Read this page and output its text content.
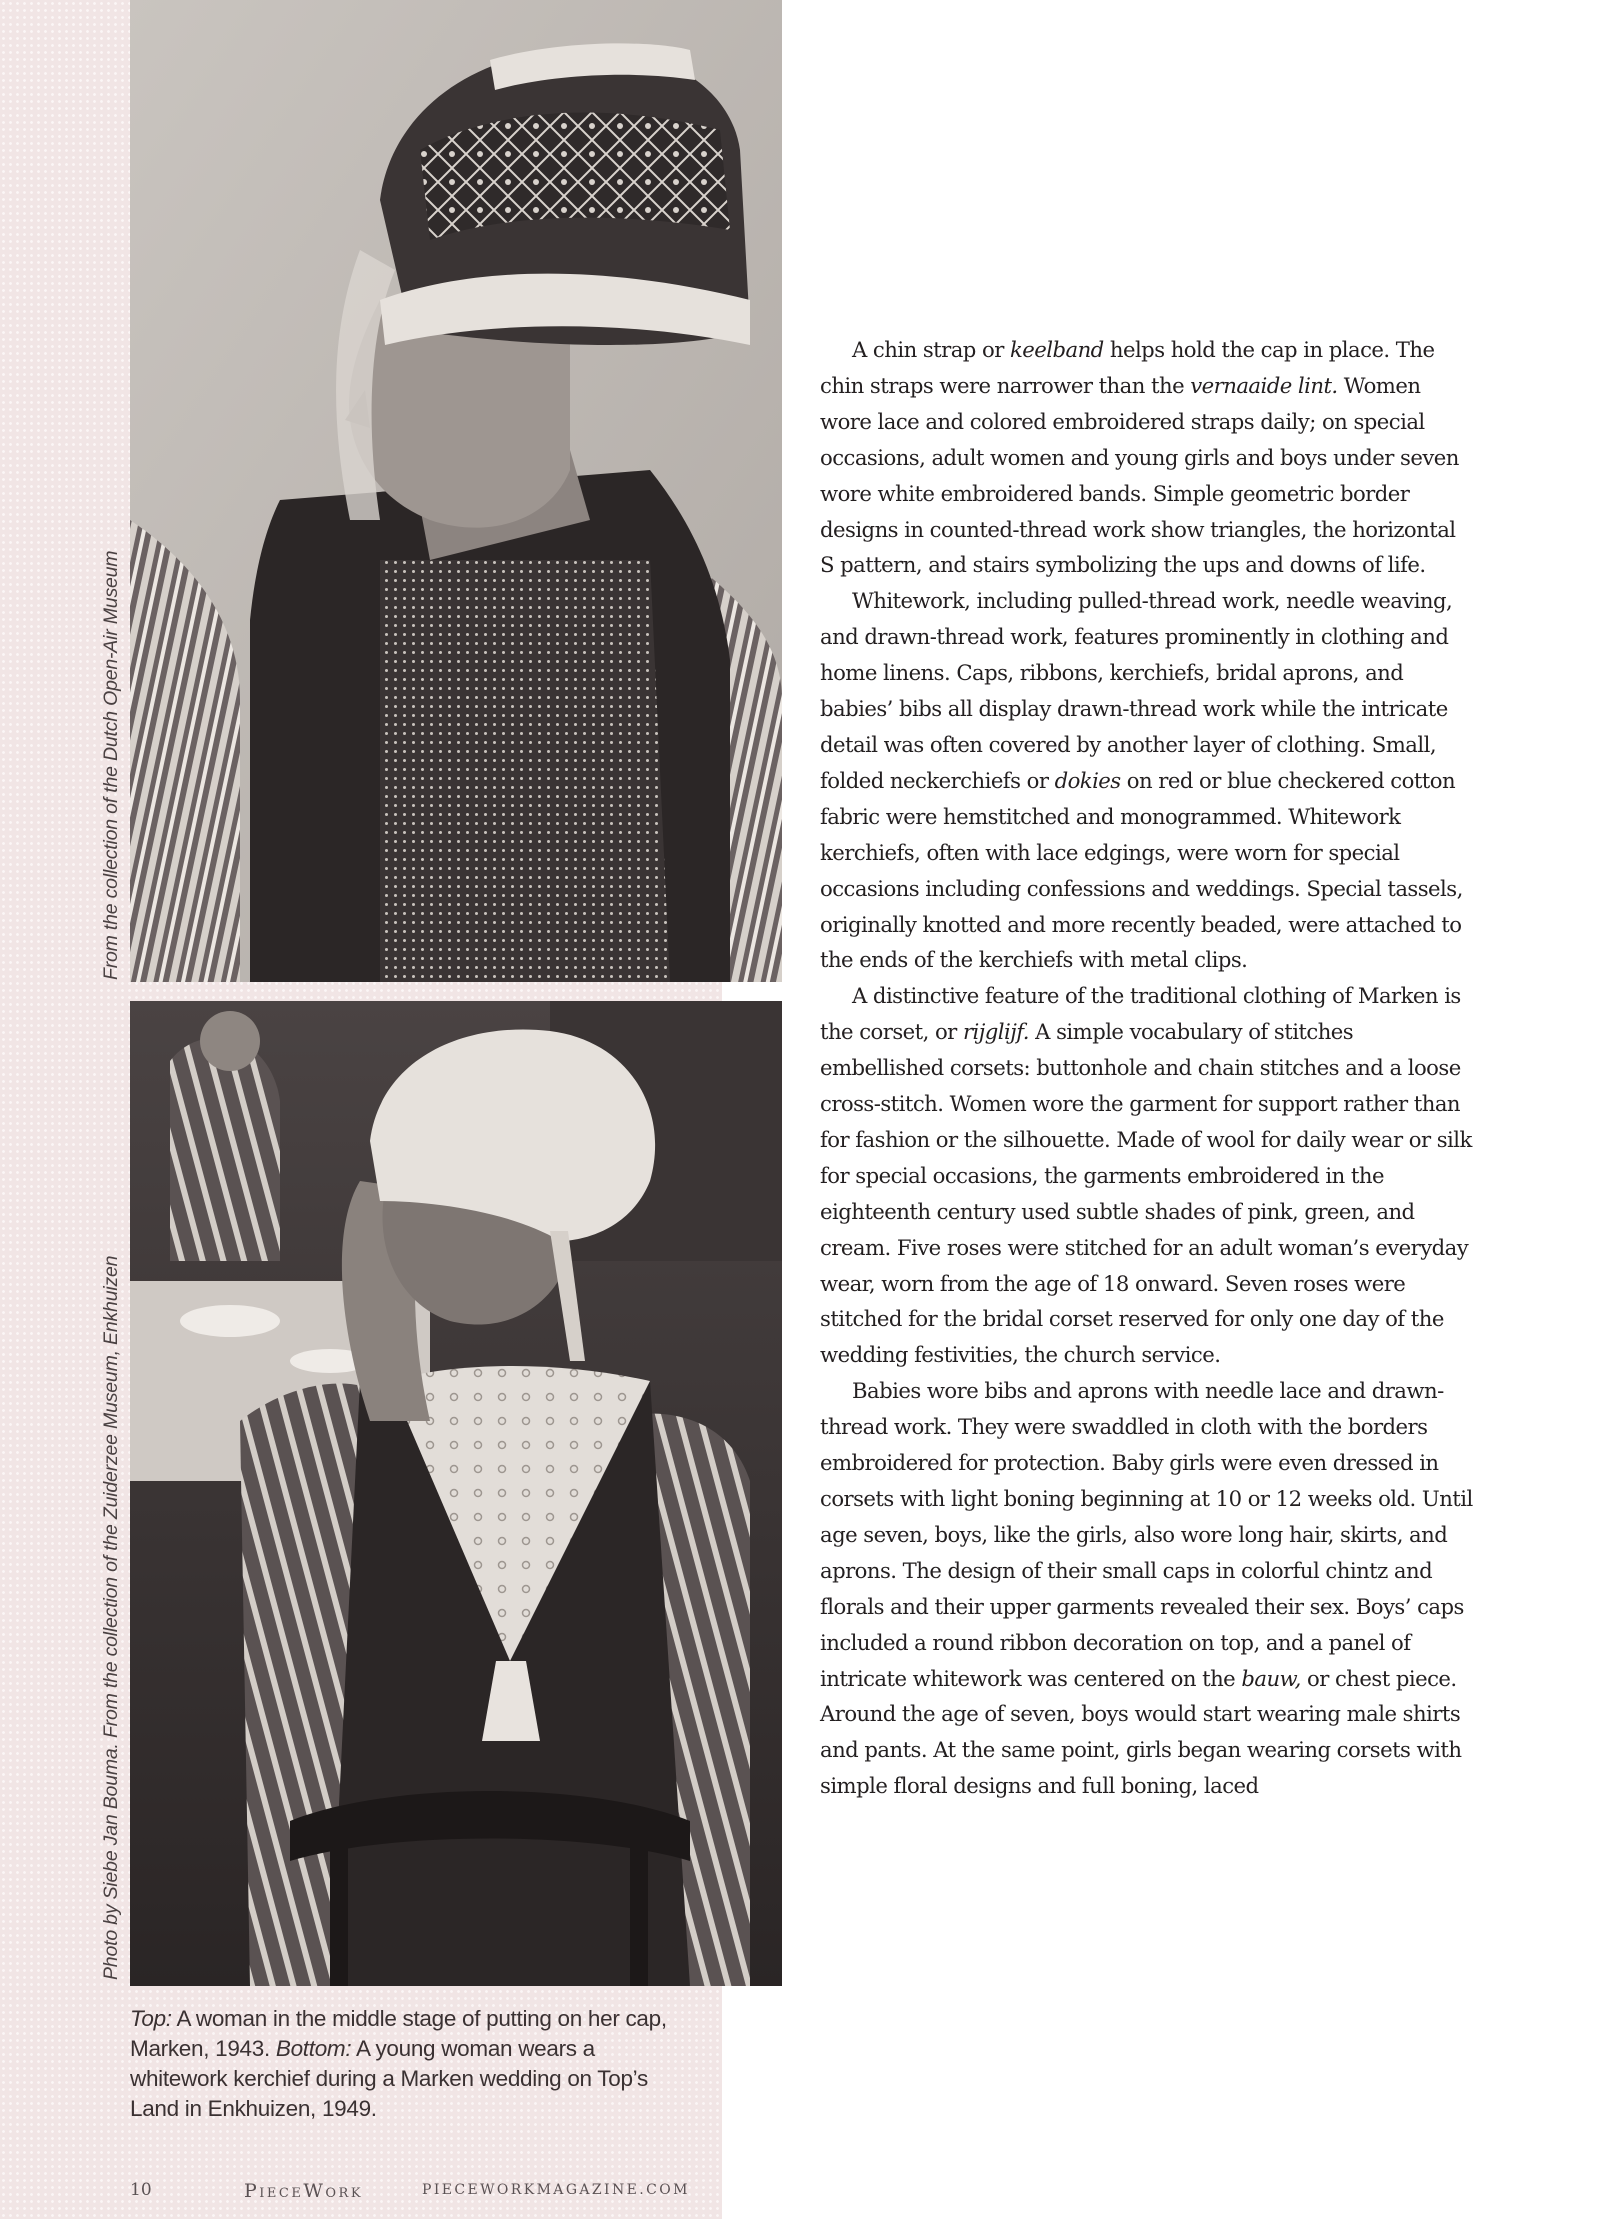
From the collection of the Dutch Open-Air Museum
Photo by Siebe Jan Bouma. From the collection of the Zuiderzee Museum, Enkhuizen
Top: A woman in the middle stage of putting on her cap, Marken, 1943. Bottom: A young woman wears a whitework kerchief during a Marken wedding on Top’s Land in Enkhuizen, 1949.
10	PieceWork	PIECEWORKMAGAZINE.COM

A chin strap or keelband helps hold the cap in place. The chin straps were narrower than the vernaaide lint. Women wore lace and colored embroidered straps daily; on special occasions, adult women and young girls and boys under seven wore white embroidered bands. Simple geometric border designs in counted-thread work show triangles, the horizontal S pattern, and stairs symbolizing the ups and downs of life.

Whitework, including pulled-thread work, needle weaving, and drawn-thread work, features prominently in clothing and home linens. Caps, ribbons, kerchiefs, bridal aprons, and babies’ bibs all display drawn-thread work while the intricate detail was often covered by another layer of clothing. Small, folded neckerchiefs or dokies on red or blue checkered cotton fabric were hemstitched and monogrammed. Whitework kerchiefs, often with lace edgings, were worn for special occasions including confessions and weddings. Special tassels, originally knotted and more recently beaded, were attached to the ends of the kerchiefs with metal clips.

A distinctive feature of the traditional clothing of Marken is the corset, or rijglijf. A simple vocabulary of stitches embellished corsets: buttonhole and chain stitches and a loose cross-stitch. Women wore the garment for support rather than for fashion or the silhouette. Made of wool for daily wear or silk for special occasions, the garments embroidered in the eighteenth century used subtle shades of pink, green, and cream. Five roses were stitched for an adult woman’s everyday wear, worn from the age of 18 onward. Seven roses were stitched for the bridal corset reserved for only one day of the wedding festivities, the church service.

Babies wore bibs and aprons with needle lace and drawn-thread work. They were swaddled in cloth with the borders embroidered for protection. Baby girls were even dressed in corsets with light boning beginning at 10 or 12 weeks old. Until age seven, boys, like the girls, also wore long hair, skirts, and aprons. The design of their small caps in colorful chintz and florals and their upper garments revealed their sex. Boys’ caps included a round ribbon decoration on top, and a panel of intricate whitework was centered on the bauw, or chest piece. Around the age of seven, boys would start wearing male shirts and pants. At the same point, girls began wearing corsets with simple floral designs and full boning, laced
